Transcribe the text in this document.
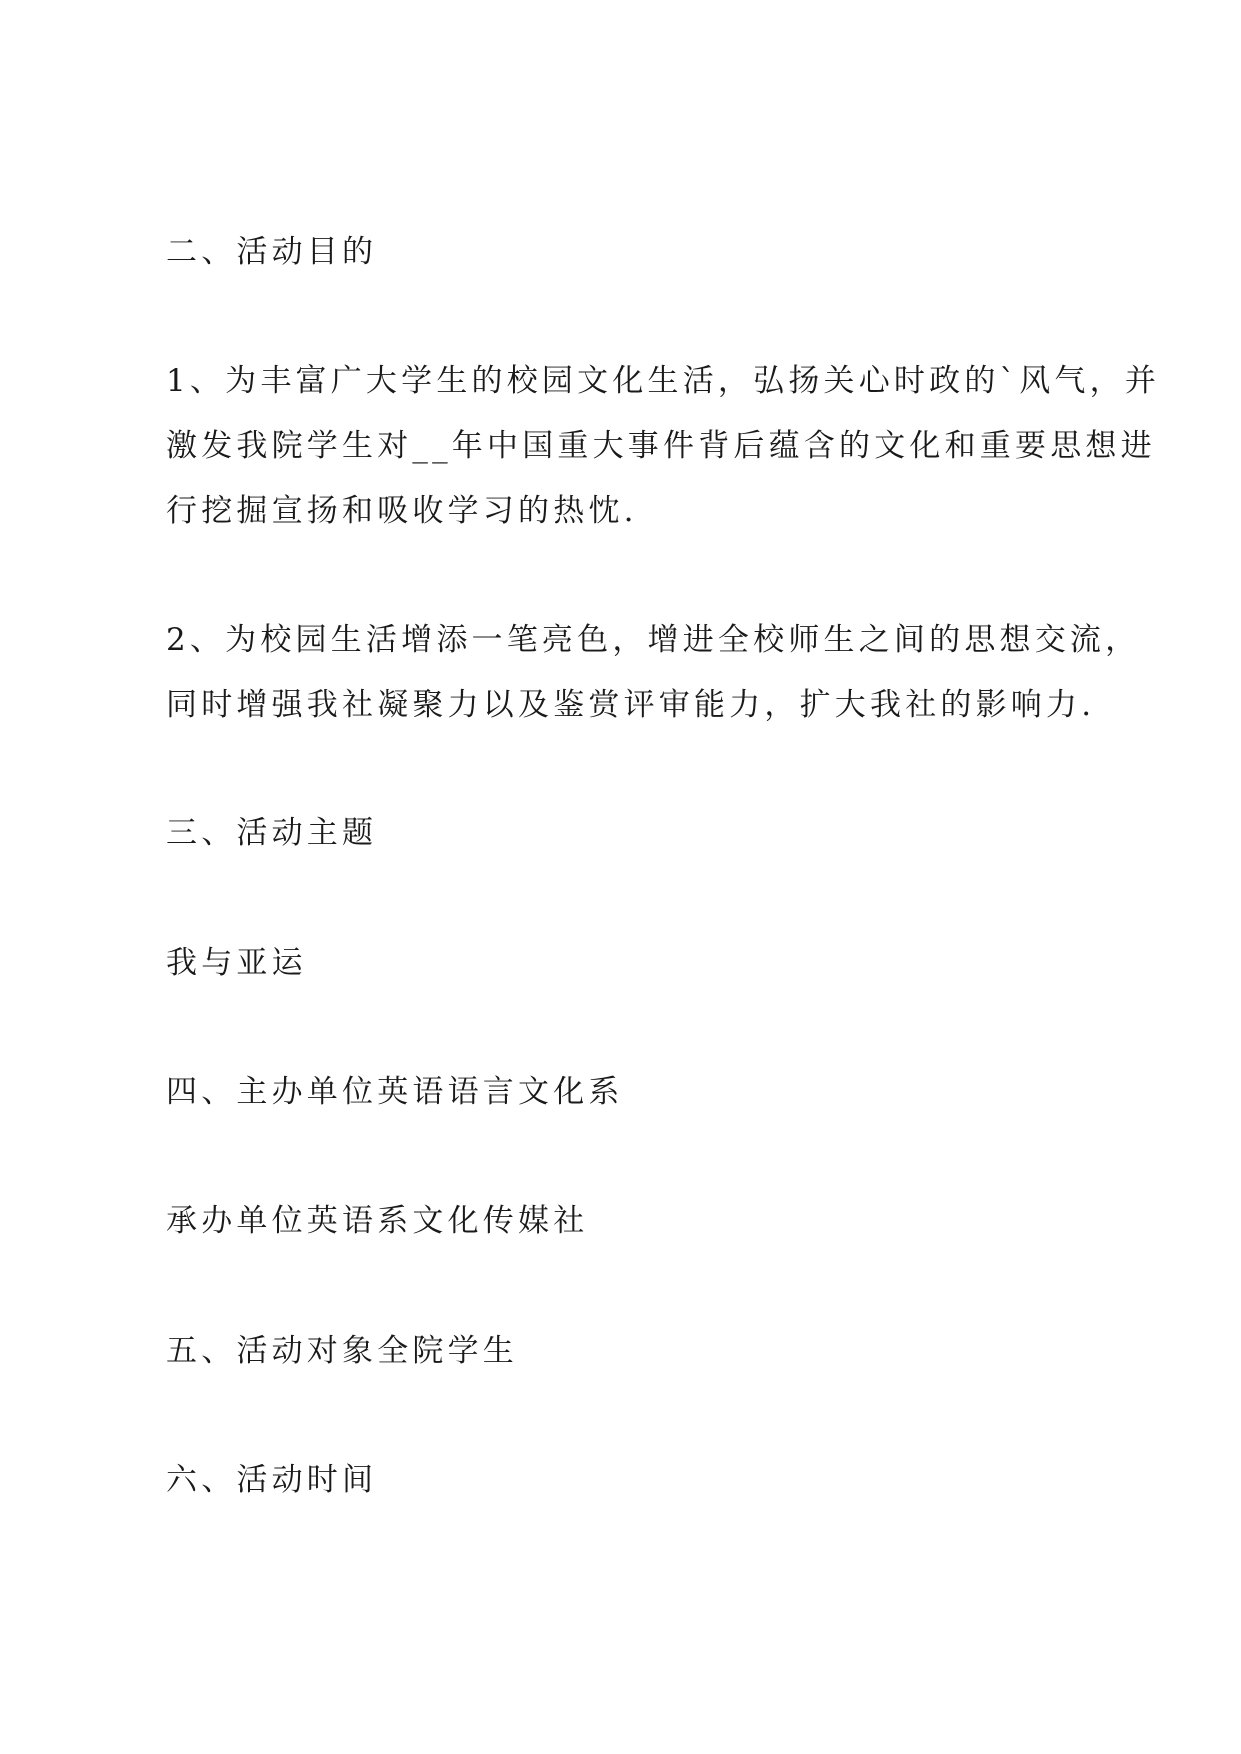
二、活动目的
1、为丰富广大学生的校园文化生活，弘扬关心时政的`风气，并
激发我院学生对__年中国重大事件背后蕴含的文化和重要思想进
行挖掘宣扬和吸收学习的热忱.
2、为校园生活增添一笔亮色，增进全校师生之间的思想交流，
同时增强我社凝聚力以及鉴赏评审能力，扩大我社的影响力.
三、活动主题
我与亚运
四、主办单位英语语言文化系
承办单位英语系文化传媒社
五、活动对象全院学生
六、活动时间
